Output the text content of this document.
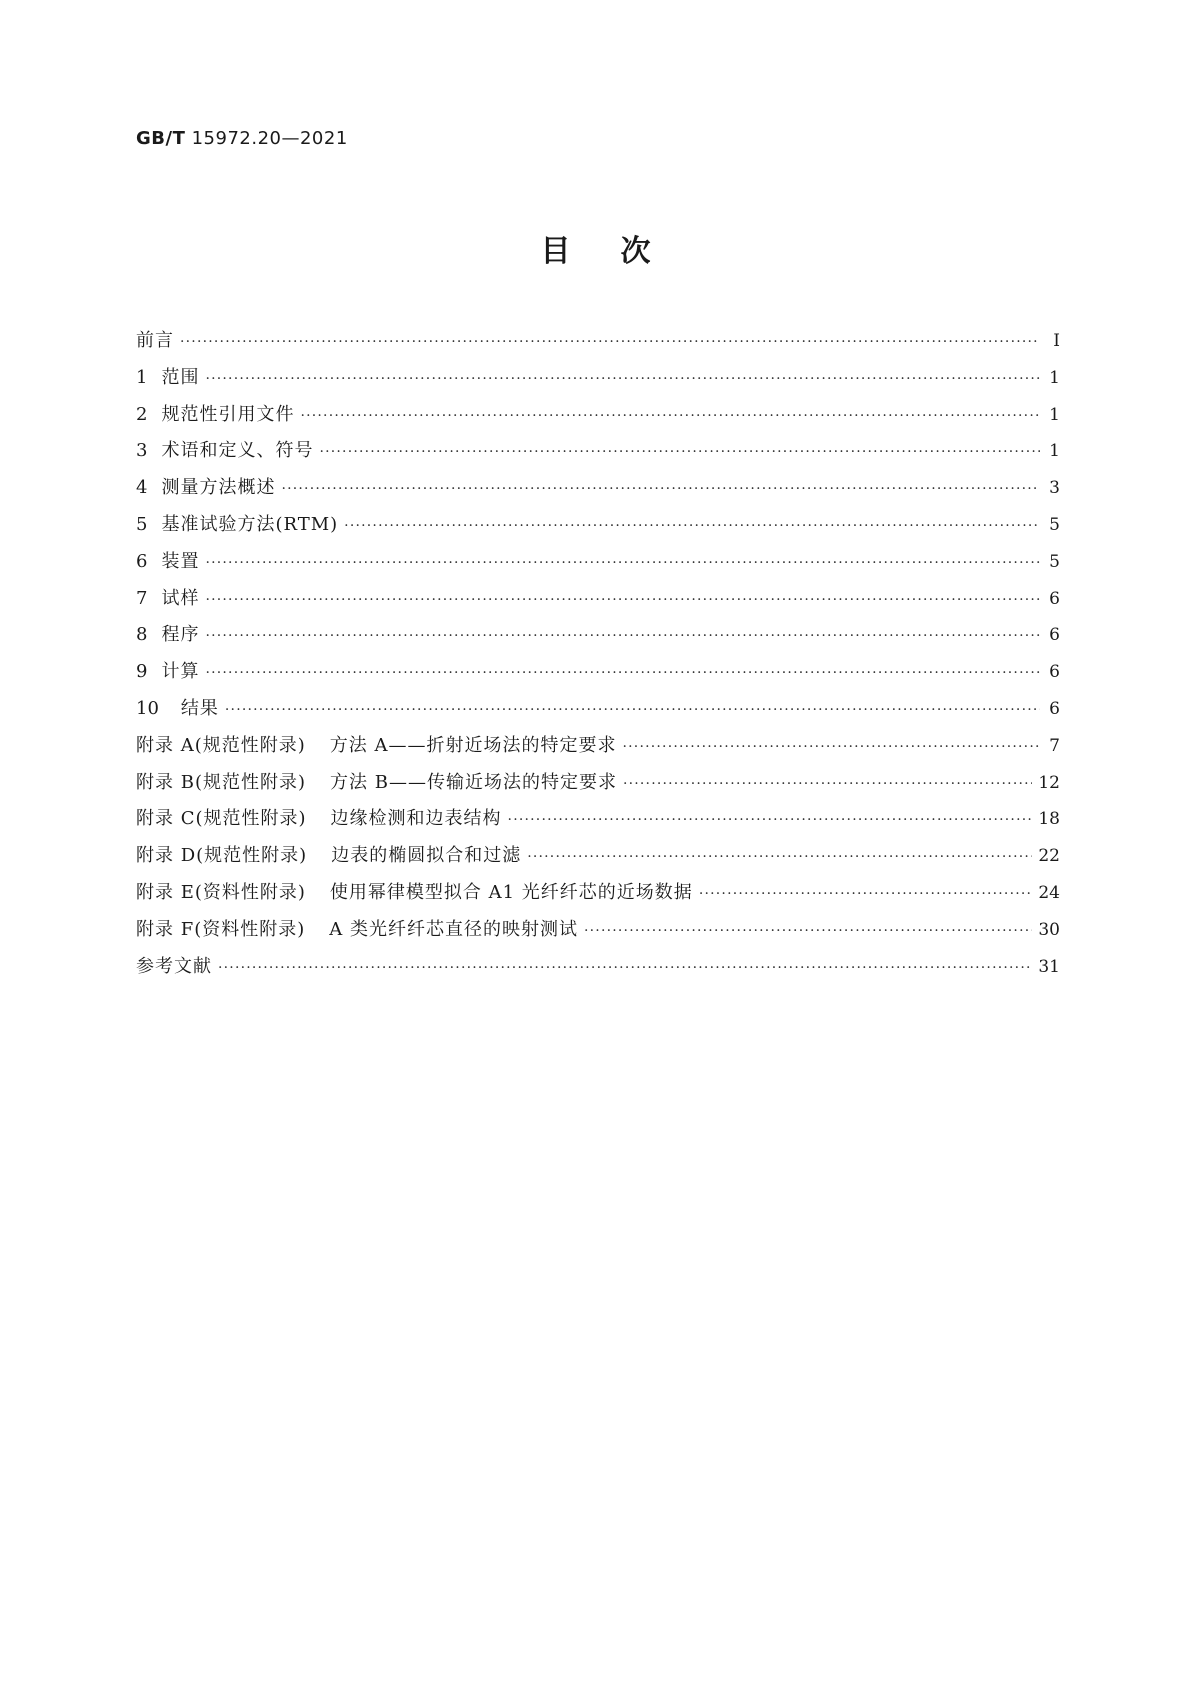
GB/T 15972.20—2021
目次
前言 ·····	Ⅰ
1 范围 ·····	1
2 规范性引用文件 ·····	1
3 术语和定义、符号 ·····	1
4 测量方法概述 ·····	3
5 基准试验方法(RTM) ·····	5
6 装置 ·····	5
7 试样 ·····	6
8 程序 ·····	6
9 计算 ·····	6
10	结果 ·····	6
附录 A(规范性附录)	方法 A——折射近场法的特定要求 ·····	7
附录 B(规范性附录)	方法 B——传输近场法的特定要求 ·····	12
附录 C(规范性附录)	边缘检测和边表结构 ·····	18
附录 D(规范性附录)	边表的椭圆拟合和过滤 ·····	22
附录 E(资料性附录)	使用幂律模型拟合 A1 光纤纤芯的近场数据 ·····	24
附录 F(资料性附录)	A 类光纤纤芯直径的映射测试 ·····	30
参考文献 ·····	31
